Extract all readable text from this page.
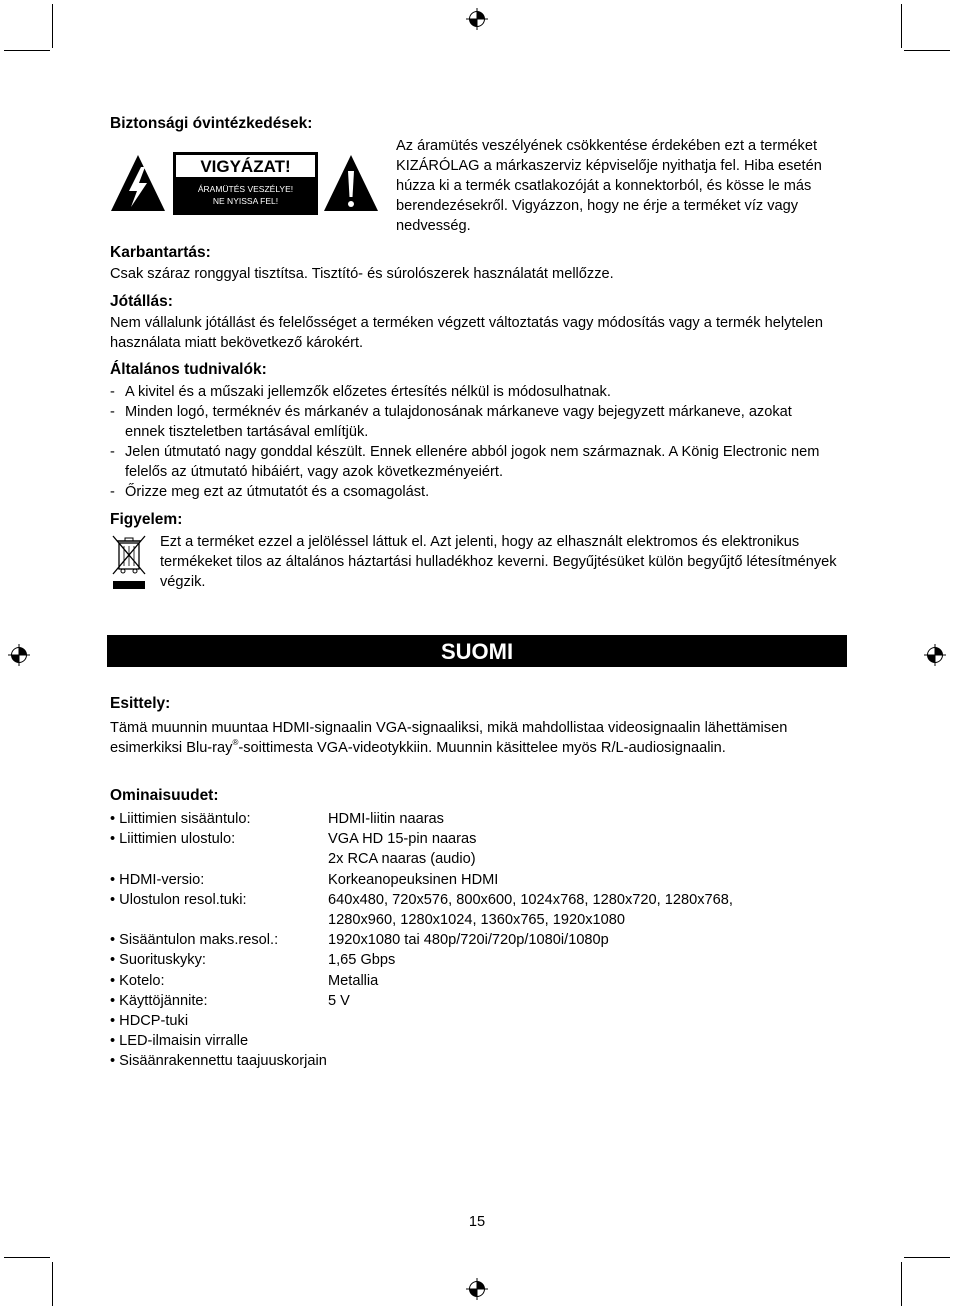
Biztonsági óvintézkedések:
VIGYÁZAT!
ÁRAMÜTÉS VESZÉLYE!
NE NYISSA FEL!
Az áramütés veszélyének csökkentése érdekében ezt a terméket KIZÁRÓLAG a márkaszerviz képviselője nyithatja fel. Hiba esetén húzza ki a termék csatlakozóját a konnektorból, és kösse le más berendezésekről. Vigyázzon, hogy ne érje a terméket víz vagy nedvesség.
Karbantartás:
Csak száraz ronggyal tisztítsa. Tisztító- és súrolószerek használatát mellőzze.
Jótállás:
Nem vállalunk jótállást és felelősséget a terméken végzett változtatás vagy módosítás vagy a termék helytelen használata miatt bekövetkező károkért.
Általános tudnivalók:
- A kivitel és a műszaki jellemzők előzetes értesítés nélkül is módosulhatnak.
- Minden logó, terméknév és márkanév a tulajdonosának márkaneve vagy bejegyzett márkaneve, azokat ennek tiszteletben tartásával említjük.
- Jelen útmutató nagy gonddal készült. Ennek ellenére abból jogok nem származnak. A König Electronic nem felelős az útmutató hibáiért, vagy azok következményeiért.
- Őrizze meg ezt az útmutatót és a csomagolást.
Figyelem:
Ezt a terméket ezzel a jelöléssel láttuk el. Azt jelenti, hogy az elhasznált elektromos és elektronikus termékeket tilos az általános háztartási hulladékhoz keverni. Begyűjtésüket külön begyűjtő létesítmények végzik.
SUOMI
Esittely:
Tämä muunnin muuntaa HDMI-signaalin VGA-signaaliksi, mikä mahdollistaa videosignaalin lähettämisen esimerkiksi Blu-ray®-soittimesta VGA-videotykkiin. Muunnin käsittelee myös R/L-audiosignaalin.
Ominaisuudet:
• Liittimien sisääntulo:	HDMI-liitin naaras
• Liittimien ulostulo:	VGA HD 15-pin naaras
2x RCA naaras (audio)
• HDMI-versio:	Korkeanopeuksinen HDMI
• Ulostulon resol.tuki:	640x480, 720x576, 800x600, 1024x768, 1280x720, 1280x768, 1280x960, 1280x1024, 1360x765, 1920x1080
• Sisääntulon maks.resol.:	1920x1080 tai 480p/720i/720p/1080i/1080p
• Suorituskyky:	1,65 Gbps
• Kotelo:	Metallia
• Käyttöjännite:	5 V
• HDCP-tuki
• LED-ilmaisin virralle
• Sisäänrakennettu taajuuskorjain
15
